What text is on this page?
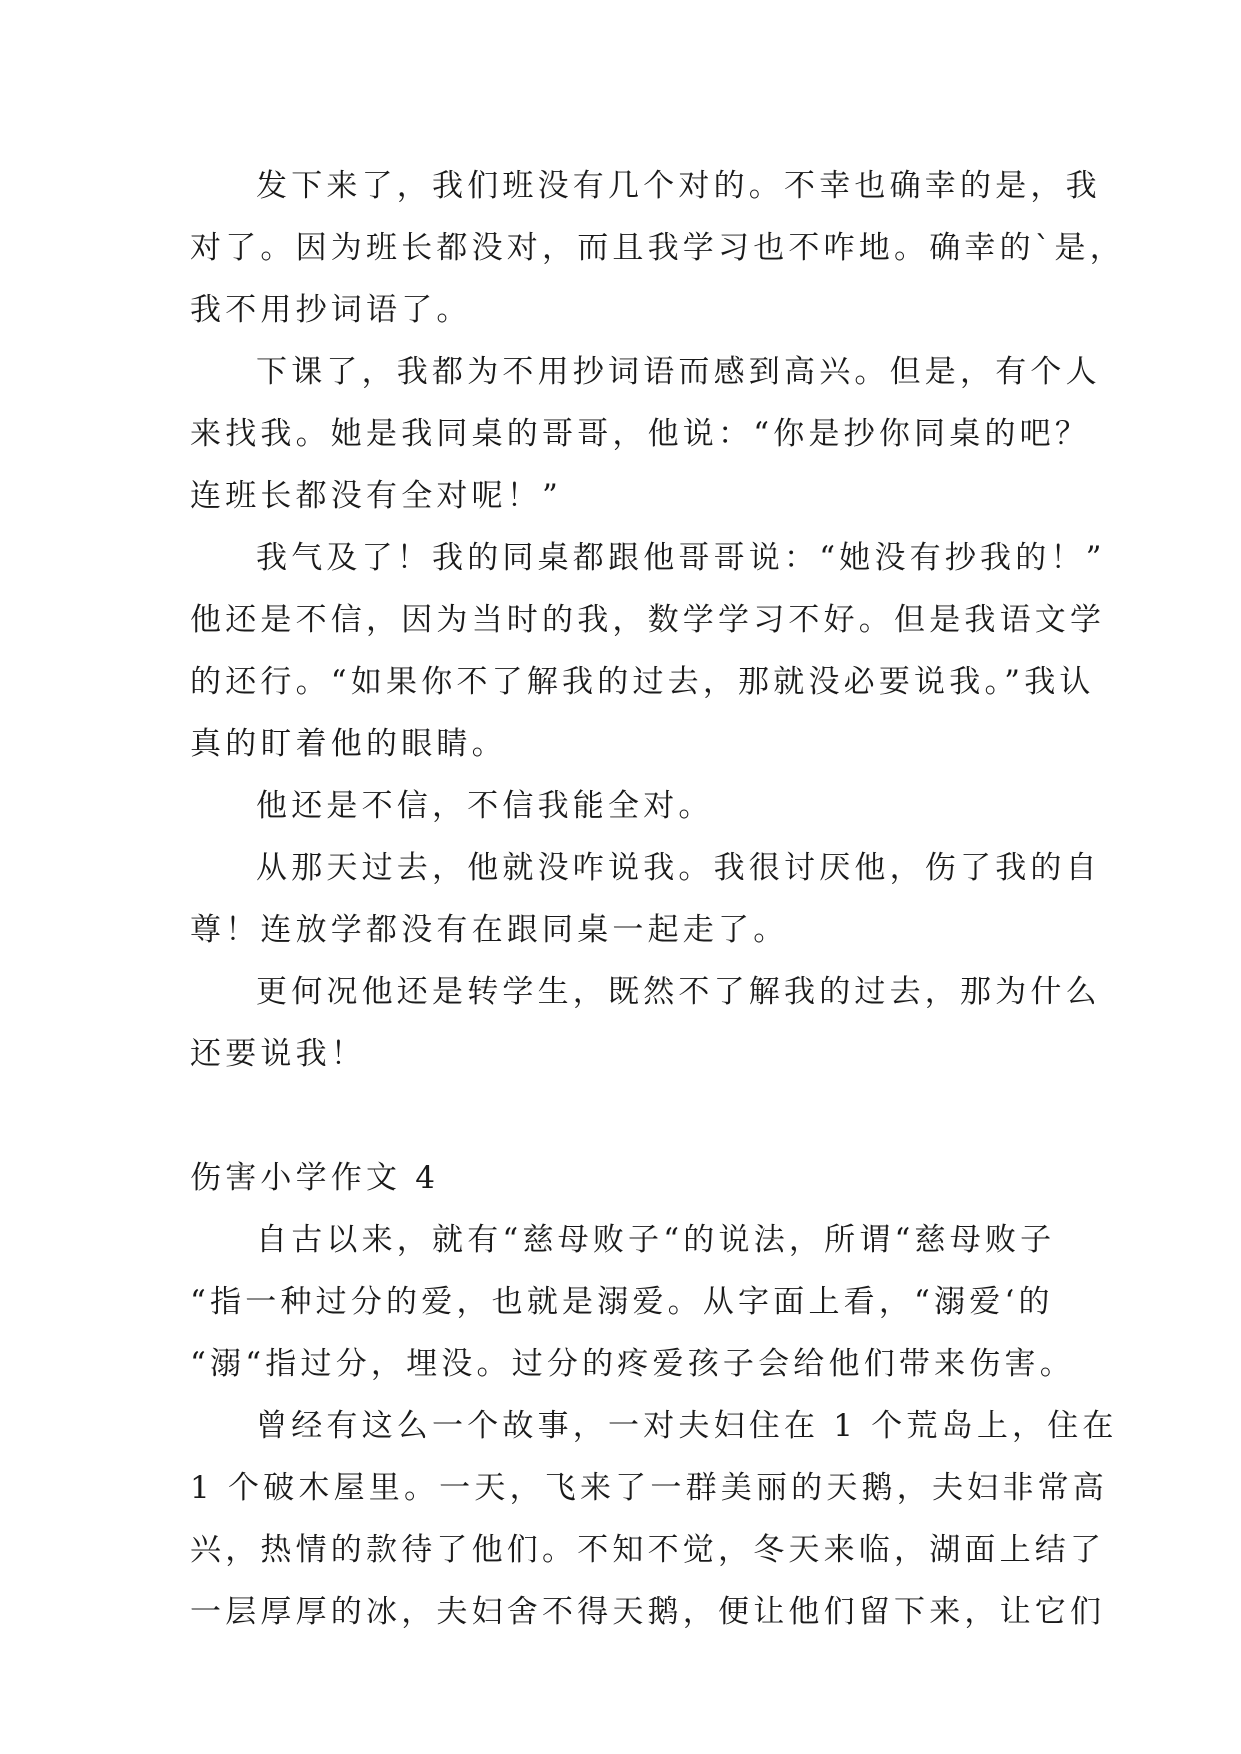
发下来了，我们班没有几个对的。不幸也确幸的是，我
对了。因为班长都没对，而且我学习也不咋地。确幸的`是，
我不用抄词语了。
下课了，我都为不用抄词语而感到高兴。但是，有个人
来找我。她是我同桌的哥哥，他说：“你是抄你同桌的吧？
连班长都没有全对呢！”
我气及了！我的同桌都跟他哥哥说：“她没有抄我的！”
他还是不信，因为当时的我，数学学习不好。但是我语文学
的还行。“如果你不了解我的过去，那就没必要说我。”我认
真的盯着他的眼睛。
他还是不信，不信我能全对。
从那天过去，他就没咋说我。我很讨厌他，伤了我的自
尊！连放学都没有在跟同桌一起走了。
更何况他还是转学生，既然不了解我的过去，那为什么
还要说我！
伤害小学作文 4
自古以来，就有“慈母败子“的说法，所谓“慈母败子
“指一种过分的爱，也就是溺爱。从字面上看，“溺爱‘的
“溺“指过分，埋没。过分的疼爱孩子会给他们带来伤害。
曾经有这么一个故事，一对夫妇住在 1 个荒岛上，住在
1 个破木屋里。一天，飞来了一群美丽的天鹅，夫妇非常高
兴，热情的款待了他们。不知不觉，冬天来临，湖面上结了
一层厚厚的冰，夫妇舍不得天鹅，便让他们留下来，让它们
